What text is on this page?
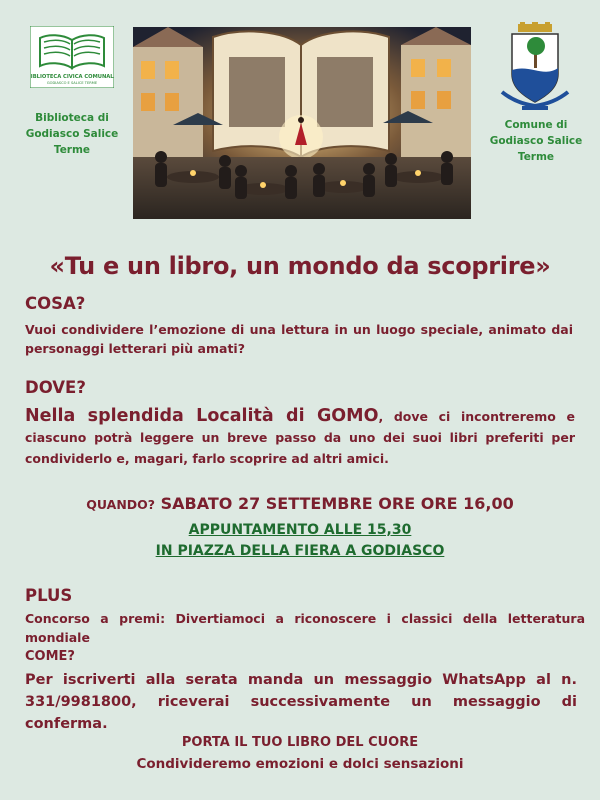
BIBLIOTECA CIVICA COMUNALE
GODIASCO E SALICE TERME
Biblioteca di
Godiasco Salice Terme
Comune di
Godiasco Salice Terme
«Tu e un libro, un mondo da scoprire»
COSA?
Vuoi condividere l’emozione di una lettura in un luogo speciale, animato dai
personaggi letterari più amati?
DOVE?
Nella splendida Località di GOMO, dove ci incontreremo e ciascuno potrà leggere un breve passo da uno dei suoi libri preferiti per condividerlo e, magari, farlo scoprire ad altri amici.
QUANDO? SABATO 27 SETTEMBRE ORE ORE 16,00
APPUNTAMENTO ALLE 15,30
IN PIAZZA DELLA FIERA A GODIASCO
PLUS
Concorso a premi: Divertiamoci a riconoscere i classici della letteratura mondiale
COME?
Per iscriverti alla serata manda un messaggio WhatsApp al n.
331/9981800, riceverai successivamente un messaggio di conferma.
PORTA IL TUO LIBRO DEL CUORE
Condivideremo emozioni e dolci sensazioni
